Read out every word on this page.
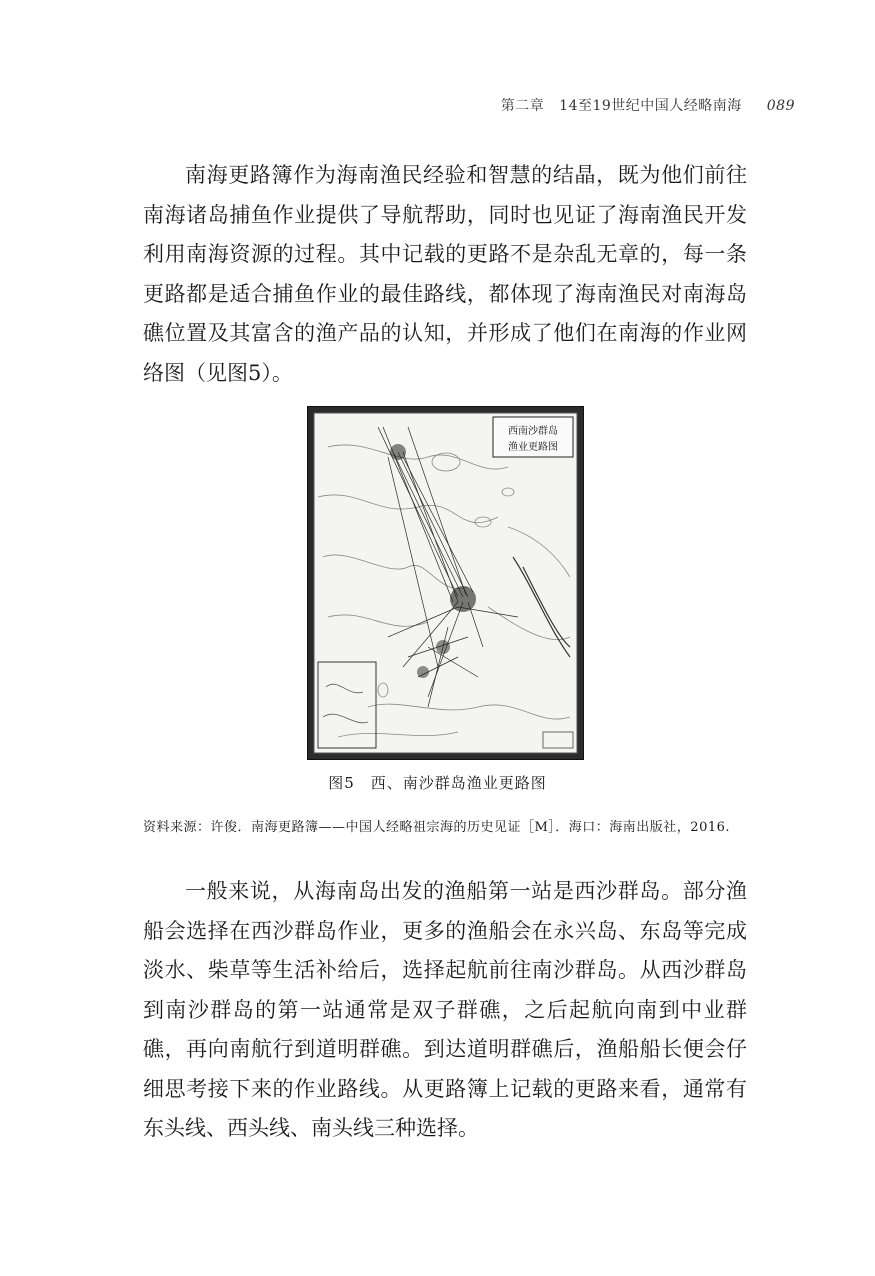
第二章 14至19世纪中国人经略南海 089

南海更路簿作为海南渔民经验和智慧的结晶，既为他们前往南海诸岛捕鱼作业提供了导航帮助，同时也见证了海南渔民开发利用南海资源的过程。其中记载的更路不是杂乱无章的，每一条更路都是适合捕鱼作业的最佳路线，都体现了海南渔民对南海岛礁位置及其富含的渔产品的认知，并形成了他们在南海的作业网络图（见图5）。

西南沙群岛
渔业更路图
图5 西、南沙群岛渔业更路图
资料来源：许俊．南海更路簿——中国人经略祖宗海的历史见证［M］．海口：海南出版社，2016.

一般来说，从海南岛出发的渔船第一站是西沙群岛。部分渔船会选择在西沙群岛作业，更多的渔船会在永兴岛、东岛等完成淡水、柴草等生活补给后，选择起航前往南沙群岛。从西沙群岛到南沙群岛的第一站通常是双子群礁，之后起航向南到中业群礁，再向南航行到道明群礁。到达道明群礁后，渔船船长便会仔细思考接下来的作业路线。从更路簿上记载的更路来看，通常有东头线、西头线、南头线三种选择。
